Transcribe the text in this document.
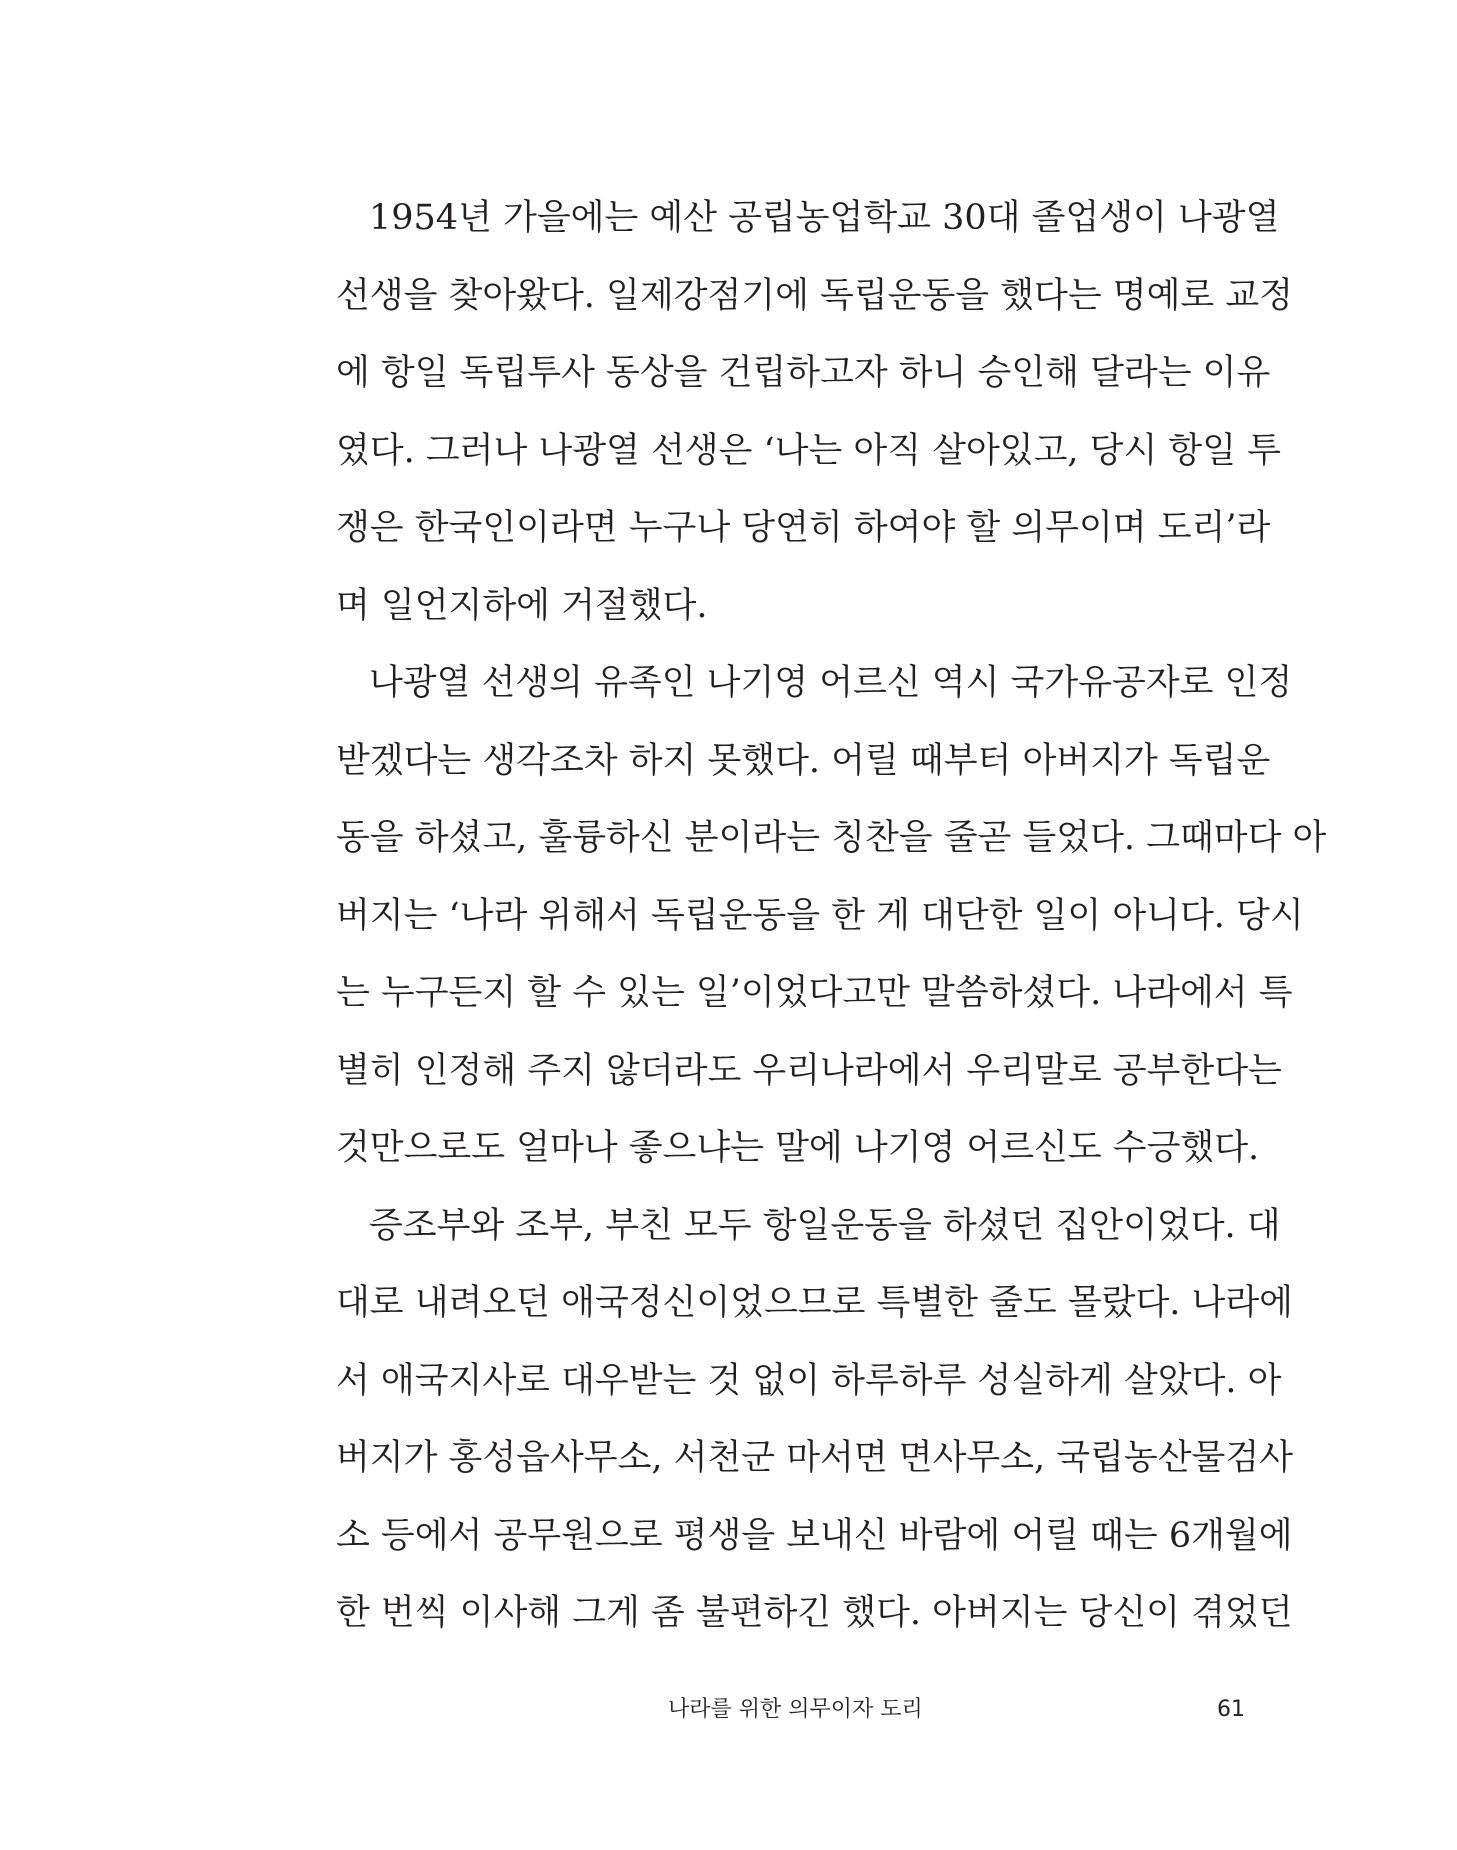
1954년 가을에는 예산 공립농업학교 30대 졸업생이 나광열
선생을 찾아왔다. 일제강점기에 독립운동을 했다는 명예로 교정
에 항일 독립투사 동상을 건립하고자 하니 승인해 달라는 이유
였다. 그러나 나광열 선생은 ‘나는 아직 살아있고, 당시 항일 투
쟁은 한국인이라면 누구나 당연히 하여야 할 의무이며 도리’라
며 일언지하에 거절했다.
나광열 선생의 유족인 나기영 어르신 역시 국가유공자로 인정
받겠다는 생각조차 하지 못했다. 어릴 때부터 아버지가 독립운
동을 하셨고, 훌륭하신 분이라는 칭찬을 줄곧 들었다. 그때마다 아
버지는 ‘나라 위해서 독립운동을 한 게 대단한 일이 아니다. 당시
는 누구든지 할 수 있는 일’이었다고만 말씀하셨다. 나라에서 특
별히 인정해 주지 않더라도 우리나라에서 우리말로 공부한다는
것만으로도 얼마나 좋으냐는 말에 나기영 어르신도 수긍했다.
증조부와 조부, 부친 모두 항일운동을 하셨던 집안이었다. 대
대로 내려오던 애국정신이었으므로 특별한 줄도 몰랐다. 나라에
서 애국지사로 대우받는 것 없이 하루하루 성실하게 살았다. 아
버지가 홍성읍사무소, 서천군 마서면 면사무소, 국립농산물검사
소 등에서 공무원으로 평생을 보내신 바람에 어릴 때는 6개월에
한 번씩 이사해 그게 좀 불편하긴 했다. 아버지는 당신이 겪었던
나라를 위한 의무이자 도리	61
